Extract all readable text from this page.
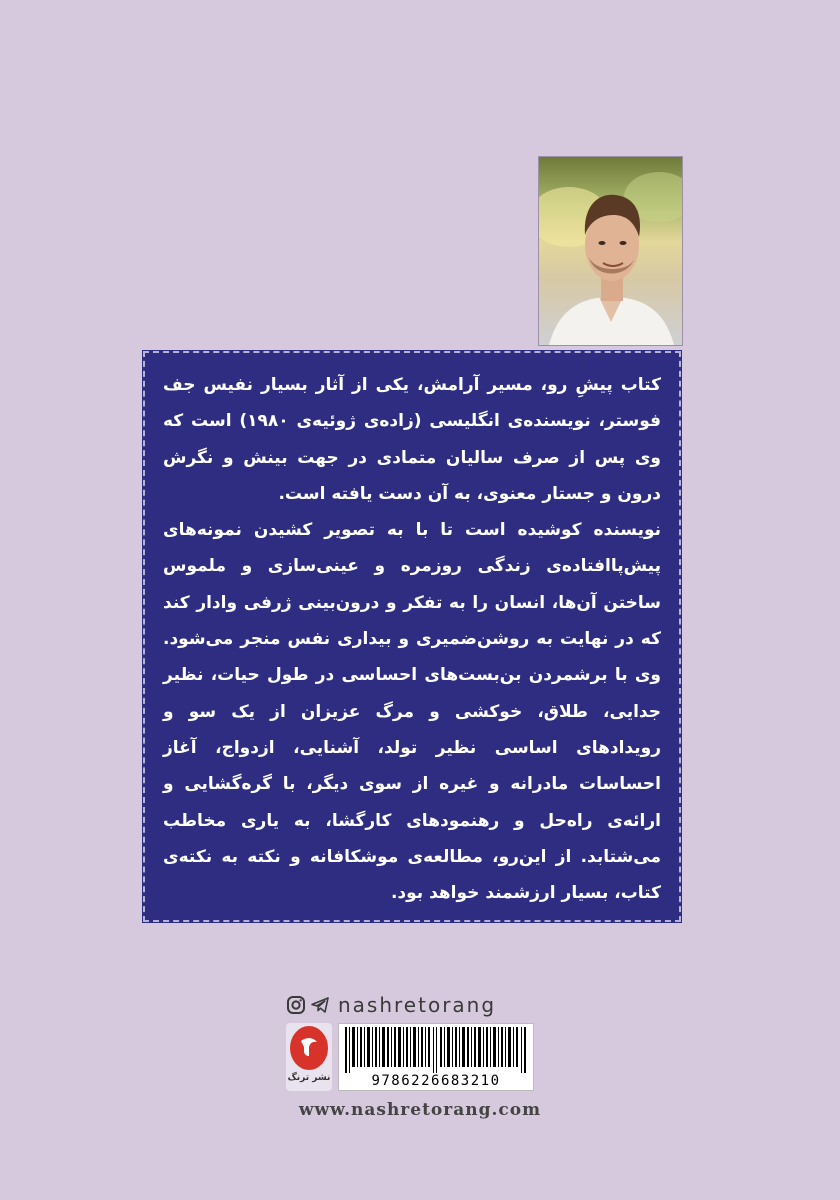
کتاب پیشِ رو، مسیر آرامش، یکی از آثار بسیار نفیس جف فوستر، نویسنده‌ی انگلیسی (زاده‌ی ژوئیه‌ی ۱۹۸۰) است که وی پس از صرف سالیان متمادی در جهت بینش و نگرش درون و جستار معنوی، به آن دست یافته است.

نویسنده کوشیده است تا با به تصویر کشیدن نمونه‌های پیش‌پاافتاده‌ی زندگی روزمره و عینی‌سازی و ملموس ساختن آن‌ها، انسان را به تفکر و درون‌بینی ژرفی وادار کند که در نهایت به روشن‌ضمیری و بیداری نفس منجر می‌شود. وی با برشمردن بن‌بست‌های احساسی در طول حیات، نظیر جدایی، طلاق، خوکشی و مرگ عزیزان از یک سو و رویدادهای اساسی نظیر تولد، آشنایی، ازدواج، آغاز احساسات مادرانه و غیره از سوی دیگر، با گره‌گشایی و ارائه‌ی راه‌حل و رهنمودهای کارگشا، به یاری مخاطب می‌شتابد. از این‌رو، مطالعه‌ی موشکافانه و نکته به نکته‌ی کتاب، بسیار ارزشمند خواهد بود.

nashretorang
نشر ترنگ	9786226683210
www.nashretorang.com
